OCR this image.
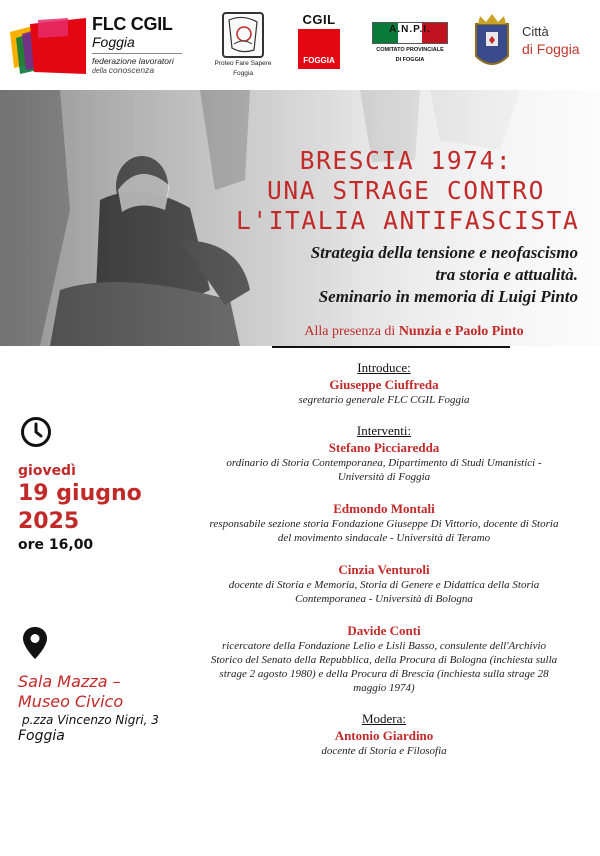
FLC CGIL
Foggia
federazione lavoratori
della conoscenza
Proteo Fare Sapere
Foggia
CGIL
FOGGIA
A.N.P.I.
COMITATO PROVINCIALE
DI FOGGIA
Città
di Foggia
BRESCIA 1974:
UNA STRAGE CONTRO
L'ITALIA ANTIFASCISTA
Strategia della tensione e neofascismo
tra storia e attualità.
Seminario in memoria di Luigi Pinto
Alla presenza di Nunzia e Paolo Pinto
giovedì
19 giugno
2025
ore 16,00
Sala Mazza –
Museo Civico
p.zza Vincenzo Nigri, 3
Foggia
Introduce:
Giuseppe Ciuffreda
segretario generale FLC CGIL Foggia
Interventi:
Stefano Picciaredda
ordinario di Storia Contemporanea, Dipartimento di Studi Umanistici -
Università di Foggia
Edmondo Montali
responsabile sezione storia Fondazione Giuseppe Di Vittorio, docente di Storia
del movimento sindacale - Università di Teramo
Cinzia Venturoli
docente di Storia e Memoria, Storia di Genere e Didattica della Storia
Contemporanea - Università di Bologna
Davide Conti
ricercatore della Fondazione Lelio e Lisli Basso, consulente dell'Archivio
Storico del Senato della Repubblica, della Procura di Bologna (inchiesta sulla
strage 2 agosto 1980) e della Procura di Brescia (inchiesta sulla strage 28
maggio 1974)
Modera:
Antonio Giardino
docente di Storia e Filosofia
